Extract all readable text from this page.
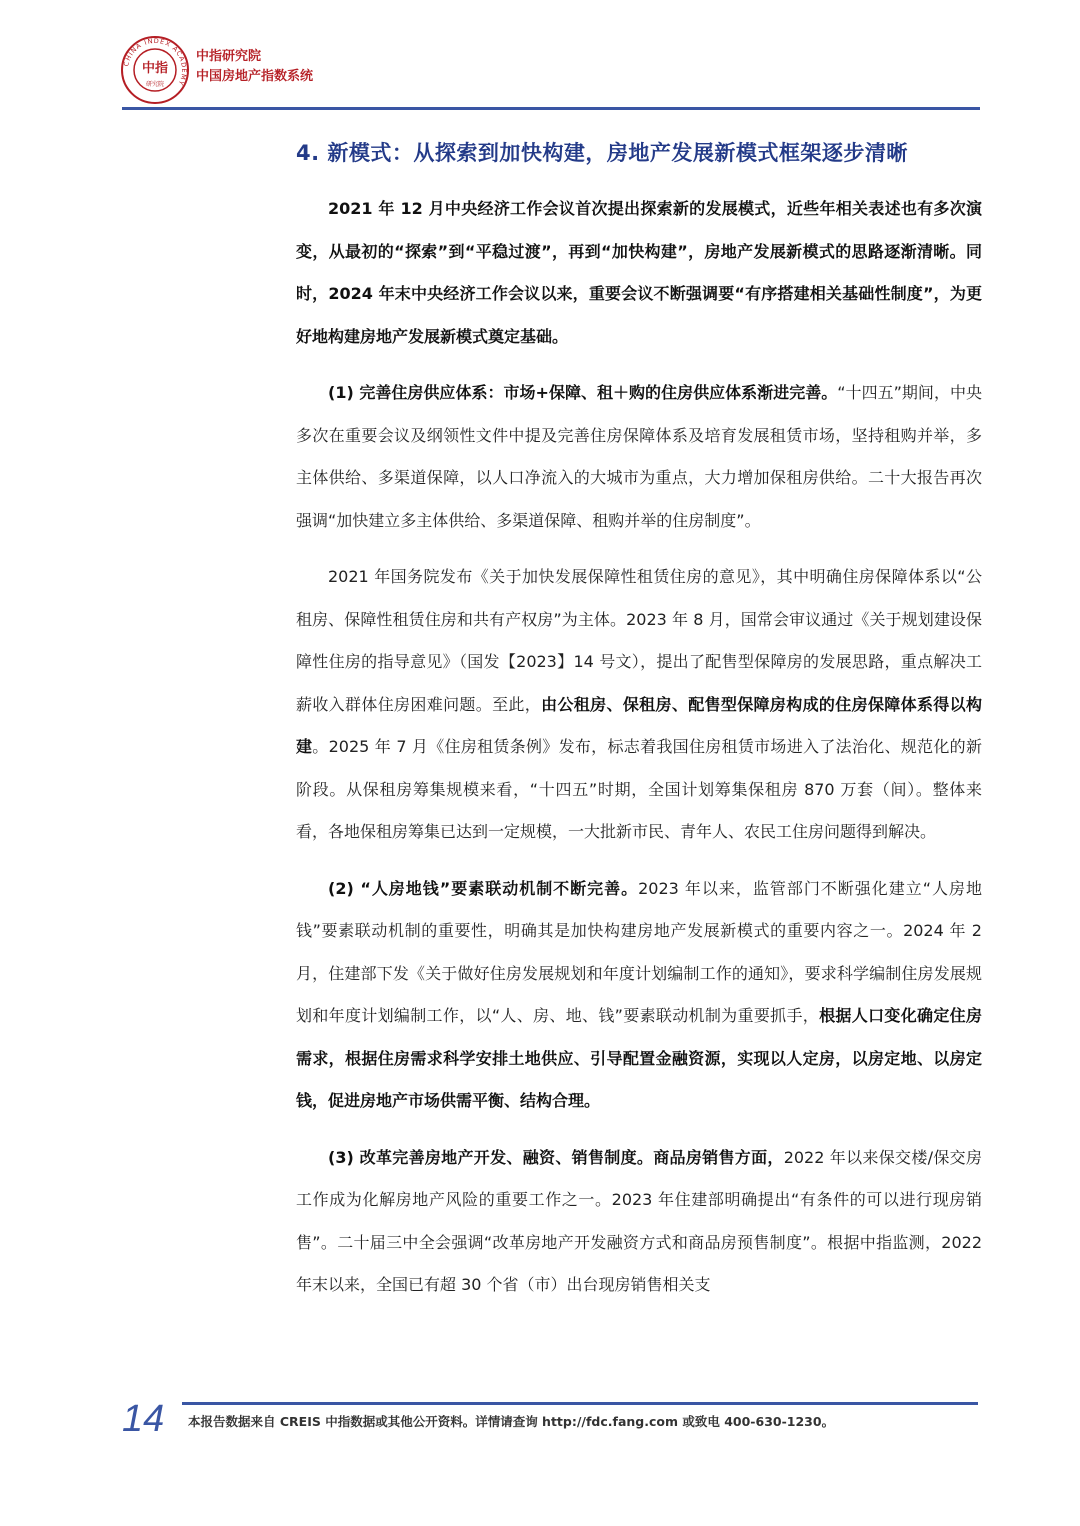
CHINA INDEX ACADEMY
中指
研究院
中指研究院
中国房地产指数系统
4. 新模式：从探索到加快构建，房地产发展新模式框架逐步清晰

2021 年 12 月中央经济工作会议首次提出探索新的发展模式，近些年相关表述也有多次演变，从最初的“探索”到“平稳过渡”，再到“加快构建”，房地产发展新模式的思路逐渐清晰。同时，2024 年末中央经济工作会议以来，重要会议不断强调要“有序搭建相关基础性制度”，为更好地构建房地产发展新模式奠定基础。

(1) 完善住房供应体系：市场+保障、租＋购的住房供应体系渐进完善。“十四五”期间，中央多次在重要会议及纲领性文件中提及完善住房保障体系及培育发展租赁市场，坚持租购并举，多主体供给、多渠道保障，以人口净流入的大城市为重点，大力增加保租房供给。二十大报告再次强调“加快建立多主体供给、多渠道保障、租购并举的住房制度”。

2021 年国务院发布《关于加快发展保障性租赁住房的意见》，其中明确住房保障体系以“公租房、保障性租赁住房和共有产权房”为主体。2023 年 8 月，国常会审议通过《关于规划建设保障性住房的指导意见》（国发【2023】14 号文），提出了配售型保障房的发展思路，重点解决工薪收入群体住房困难问题。至此，由公租房、保租房、配售型保障房构成的住房保障体系得以构建。2025 年 7 月《住房租赁条例》发布，标志着我国住房租赁市场进入了法治化、规范化的新阶段。从保租房筹集规模来看，“十四五”时期，全国计划筹集保租房 870 万套（间）。整体来看，各地保租房筹集已达到一定规模，一大批新市民、青年人、农民工住房问题得到解决。

(2) “人房地钱”要素联动机制不断完善。2023 年以来，监管部门不断强化建立“人房地钱”要素联动机制的重要性，明确其是加快构建房地产发展新模式的重要内容之一。2024 年 2 月，住建部下发《关于做好住房发展规划和年度计划编制工作的通知》，要求科学编制住房发展规划和年度计划编制工作，以“人、房、地、钱”要素联动机制为重要抓手，根据人口变化确定住房需求，根据住房需求科学安排土地供应、引导配置金融资源，实现以人定房，以房定地、以房定钱，促进房地产市场供需平衡、结构合理。

(3) 改革完善房地产开发、融资、销售制度。商品房销售方面，2022 年以来保交楼/保交房工作成为化解房地产风险的重要工作之一。2023 年住建部明确提出“有条件的可以进行现房销售”。二十届三中全会强调“改革房地产开发融资方式和商品房预售制度”。根据中指监测，2022 年末以来，全国已有超 30 个省（市）出台现房销售相关支

14 本报告数据来自 CREIS 中指数据或其他公开资料。详情请查询 http://fdc.fang.com 或致电 400-630-1230。
